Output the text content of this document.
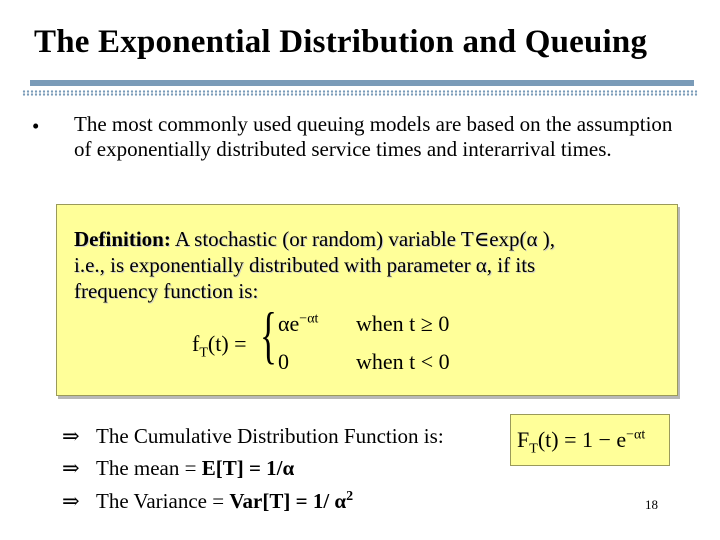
The Exponential Distribution and Queuing
• The most commonly used queuing models are based on the assumption of exponentially distributed service times and interarrival times.
Definition: A stochastic (or random) variable T∈exp(α ),
i.e., is exponentially distributed with parameter α, if its
frequency function is:
$f_T(t)$ = { $\alpha e^{-\alpha t}$ when t ≥ 0
0	when t < 0
⇒ The Cumulative Distribution Function is:
⇒ The mean = E[T] = 1/α
⇒ The Variance = Var[T] = 1/ $\alpha^2$
$F_T(t) = 1 - e^{-\alpha t}$
18
